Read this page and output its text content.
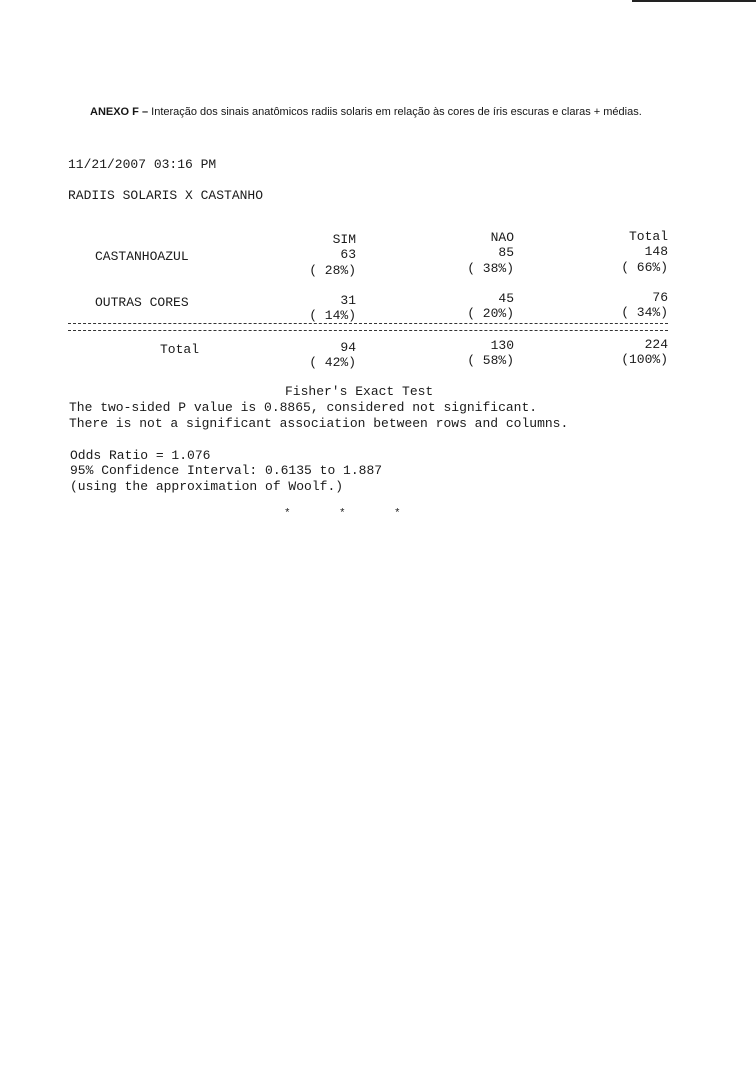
ANEXO F – Interação dos sinais anatômicos radiis solaris em relação às cores de íris escuras e claras + médias.
11/21/2007 03:16 PM
RADIIS SOLARIS X CASTANHO
SIM	NAO	Total
CASTANHOAZUL	63	85	148
( 28%)	( 38%)	( 66%)
OUTRAS CORES	31	45	76
( 14%)	( 20%)	( 34%)
Total	94	130	224
( 42%)	( 58%)	(100%)
Fisher's Exact Test
The two-sided P value is 0.8865, considered not significant.
There is not a significant association between rows and columns.
Odds Ratio = 1.076
95% Confidence Interval: 0.6135 to 1.887
(using the approximation of Woolf.)
*	*	*
